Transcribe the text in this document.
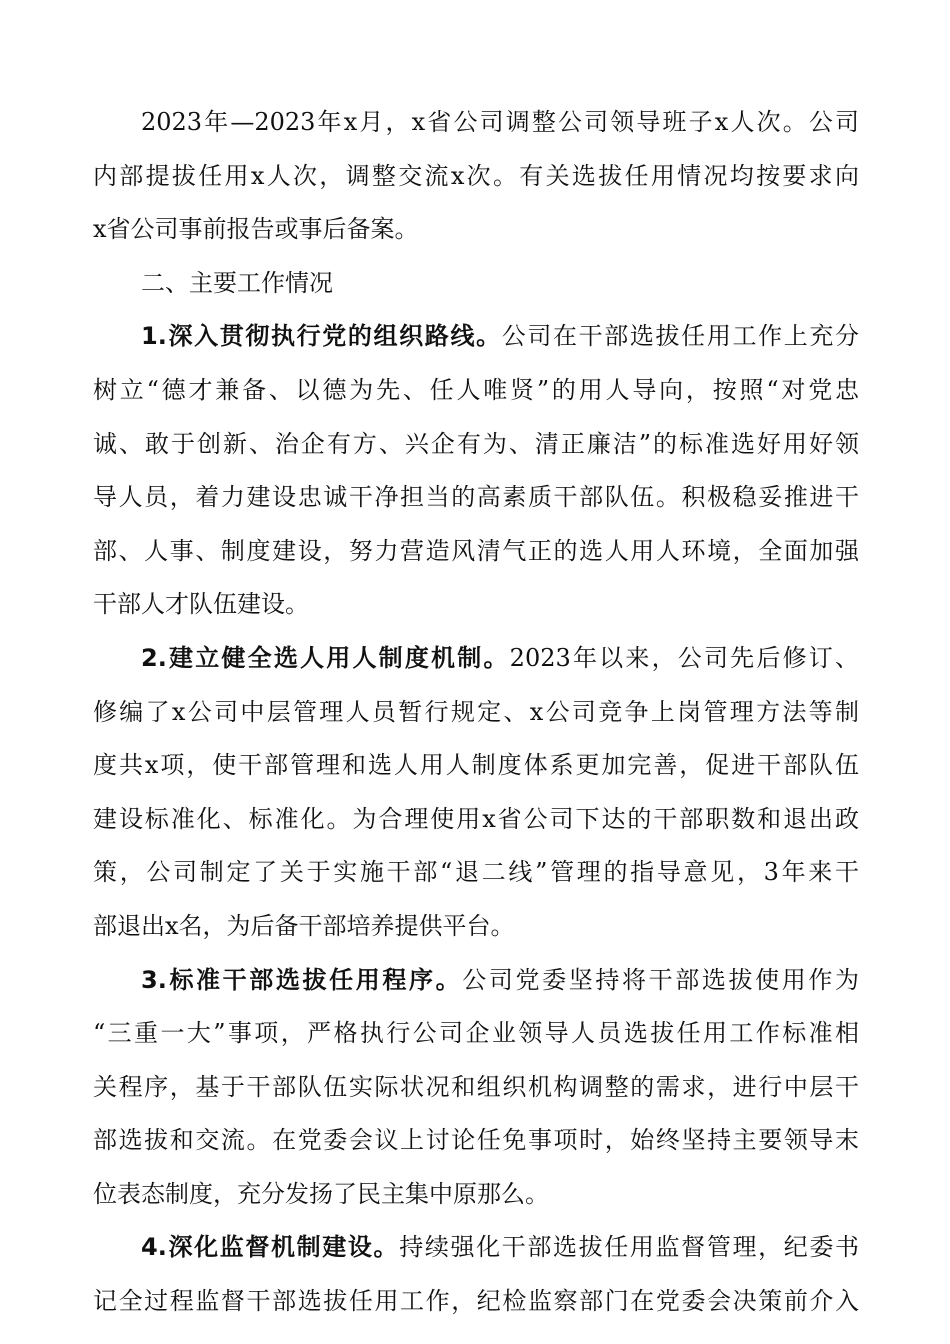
2023年—2023年x月，x省公司调整公司领导班子x人次。公司
内部提拔任用x人次，调整交流x次。有关选拔任用情况均按要求向
x省公司事前报告或事后备案。
二、主要工作情况
1.深入贯彻执行党的组织路线。公司在干部选拔任用工作上充分
树立“德才兼备、以德为先、任人唯贤”的用人导向，按照“对党忠
诚、敢于创新、治企有方、兴企有为、清正廉洁”的标准选好用好领
导人员，着力建设忠诚干净担当的高素质干部队伍。积极稳妥推进干
部、人事、制度建设，努力营造风清气正的选人用人环境，全面加强
干部人才队伍建设。
2.建立健全选人用人制度机制。2023年以来，公司先后修订、
修编了x公司中层管理人员暂行规定、x公司竞争上岗管理方法等制
度共x项，使干部管理和选人用人制度体系更加完善，促进干部队伍
建设标准化、标准化。为合理使用x省公司下达的干部职数和退出政
策，公司制定了关于实施干部“退二线”管理的指导意见，3年来干
部退出x名，为后备干部培养提供平台。
3.标准干部选拔任用程序。公司党委坚持将干部选拔使用作为
“三重一大”事项，严格执行公司企业领导人员选拔任用工作标准相
关程序，基于干部队伍实际状况和组织机构调整的需求，进行中层干
部选拔和交流。在党委会议上讨论任免事项时，始终坚持主要领导末
位表态制度，充分发扬了民主集中原那么。
4.深化监督机制建设。持续强化干部选拔任用监督管理，纪委书
记全过程监督干部选拔任用工作，纪检监察部门在党委会决策前介入
